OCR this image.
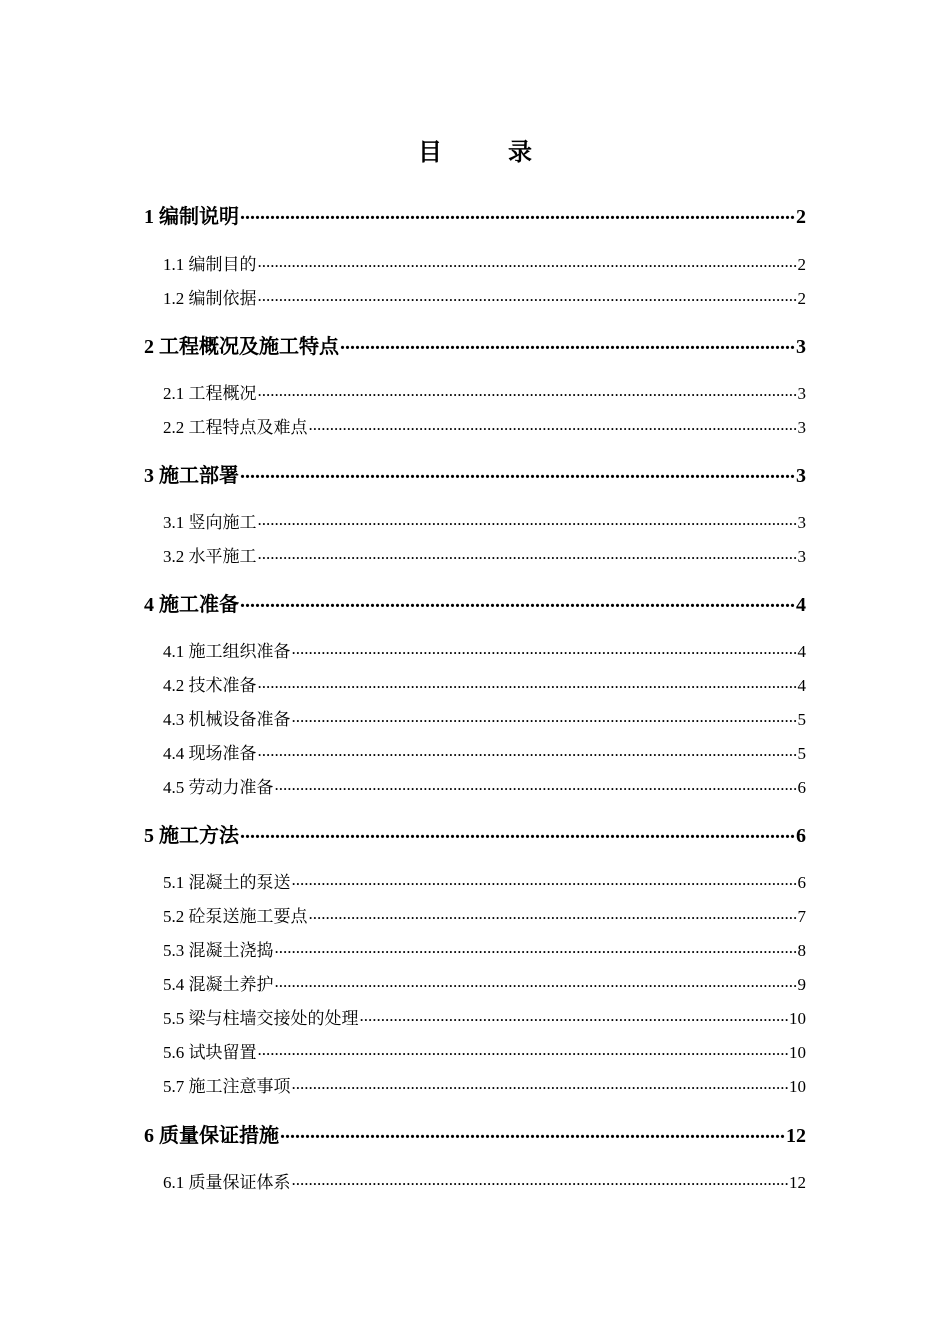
目	录
1 编制说明 .....	2
1.1 编制目的 .....	2
1.2 编制依据 .....	2
2 工程概况及施工特点 .....	3
2.1 工程概况 .....	3
2.2 工程特点及难点 .....	3
3 施工部署 .....	3
3.1 竖向施工 .....	3
3.2 水平施工 .....	3
4 施工准备 .....	4
4.1 施工组织准备 .....	4
4.2 技术准备 .....	4
4.3 机械设备准备 .....	5
4.4 现场准备 .....	5
4.5 劳动力准备 .....	6
5 施工方法 .....	6
5.1 混凝土的泵送 .....	6
5.2 砼泵送施工要点 .....	7
5.3 混凝土浇捣 .....	8
5.4 混凝土养护 .....	9
5.5 梁与柱墙交接处的处理 .....	10
5.6 试块留置 .....	10
5.7 施工注意事项 .....	10
6 质量保证措施 .....	12
6.1 质量保证体系 .....	12
